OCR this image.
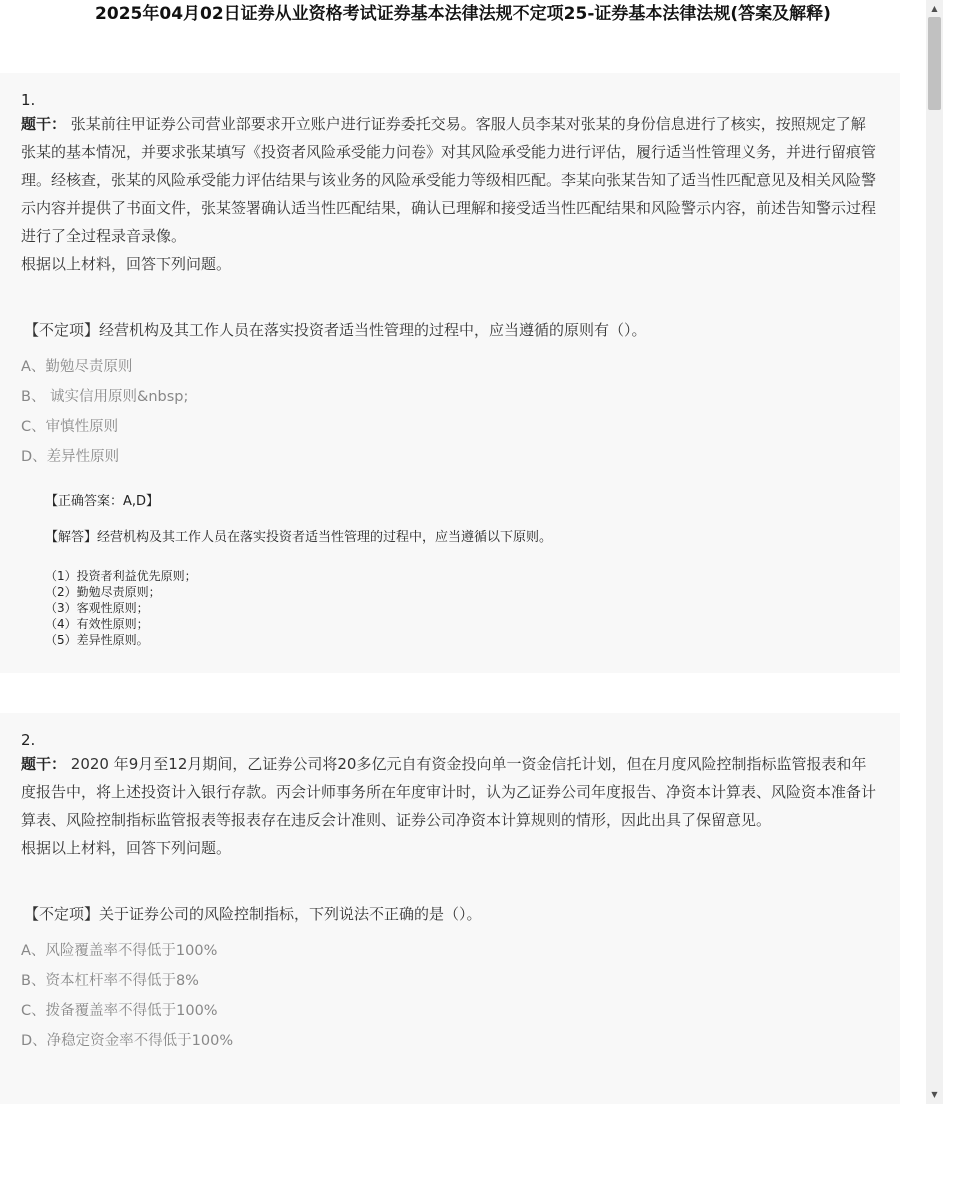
2025年04月02日证券从业资格考试证券基本法律法规不定项25-证券基本法律法规(答案及解释)
1.

题干： 张某前往甲证券公司营业部要求开立账户进行证券委托交易。客服人员李某对张某的身份信息进行了核实，按照规定了解张某的基本情况，并要求张某填写《投资者风险承受能力问卷》对其风险承受能力进行评估，履行适当性管理义务，并进行留痕管理。经核查，张某的风险承受能力评估结果与该业务的风险承受能力等级相匹配。李某向张某告知了适当性匹配意见及相关风险警示内容并提供了书面文件，张某签署确认适当性匹配结果，确认已理解和接受适当性匹配结果和风险警示内容，前述告知警示过程进行了全过程录音录像。

根据以上材料，回答下列问题。

【不定项】经营机构及其工作人员在落实投资者适当性管理的过程中，应当遵循的原则有（）。
A、勤勉尽责原则
B、 诚实信用原则&nbsp;
C、审慎性原则
D、差异性原则
【正确答案：A,D】
【解答】经营机构及其工作人员在落实投资者适当性管理的过程中，应当遵循以下原则。
（1）投资者利益优先原则；
（2）勤勉尽责原则；
（3）客观性原则；
（4）有效性原则；
（5）差异性原则。
2.

题干： 2020 年9月至12月期间，乙证券公司将20多亿元自有资金投向单一资金信托计划，但在月度风险控制指标监管报表和年度报告中，将上述投资计入银行存款。丙会计师事务所在年度审计时，认为乙证券公司年度报告、净资本计算表、风险资本准备计算表、风险控制指标监管报表等报表存在违反会计准则、证券公司净资本计算规则的情形，因此出具了保留意见。

根据以上材料，回答下列问题。

【不定项】关于证券公司的风险控制指标，下列说法不正确的是（）。
A、风险覆盖率不得低于100%
B、资本杠杆率不得低于8%
C、拨备覆盖率不得低于100%
D、净稳定资金率不得低于100%
▲
▼
